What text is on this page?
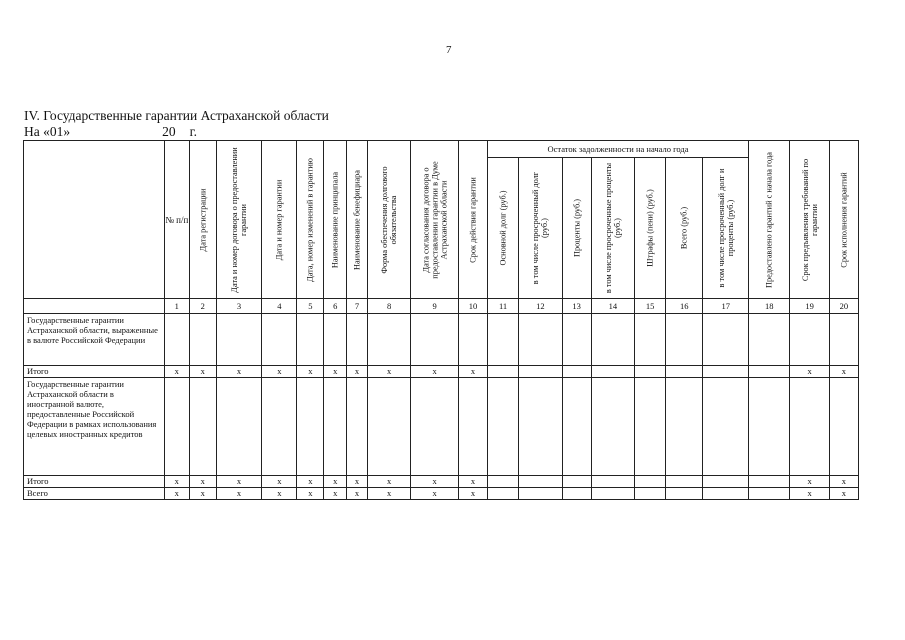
7
IV. Государственные гарантии Астраханской области
На «01»	20 г.
	№ п/п	Дата регистрации	Дата и номер договора о предоставлении гарантии	Дата и номер гарантии	Дата, номер изменений в гарантию	Наименование принципала	Наименование бенефициара	Форма обеспечения долгового обязательства	Дата согласования договора о предоставлении гарантии в Думе Астраханской области	Срок действия гарантии	Остаток задолженности на начало года							Предоставлено гарантий с начала года	Срок предъявления требований по гарантии	Срок исполнения гарантий

											Основной долг (руб.)	в том числе просроченный долг (руб.)	Проценты (руб.)	в том числе просроченные проценты (руб.)	Штрафы (пени) (руб.)	Всего (руб.)	в том числе просроченный долг и проценты (руб.)			

	1	2	3	4	5	6	7	8	9	10	11	12	13	14	15	16	17	18	19	20
Государственные гарантии Астраханской области, выраженные в валюте Российской Федерации																				
Итого	x	x	x	x	x	x	x	x	x	x									x	x
Государственные гарантии Астраханской области в иностранной валюте, предоставленные Российской Федерации в рамках использования целевых иностранных кредитов																				
Итого	x	x	x	x	x	x	x	x	x	x									x	x
Всего	x	x	x	x	x	x	x	x	x	x									x	x
